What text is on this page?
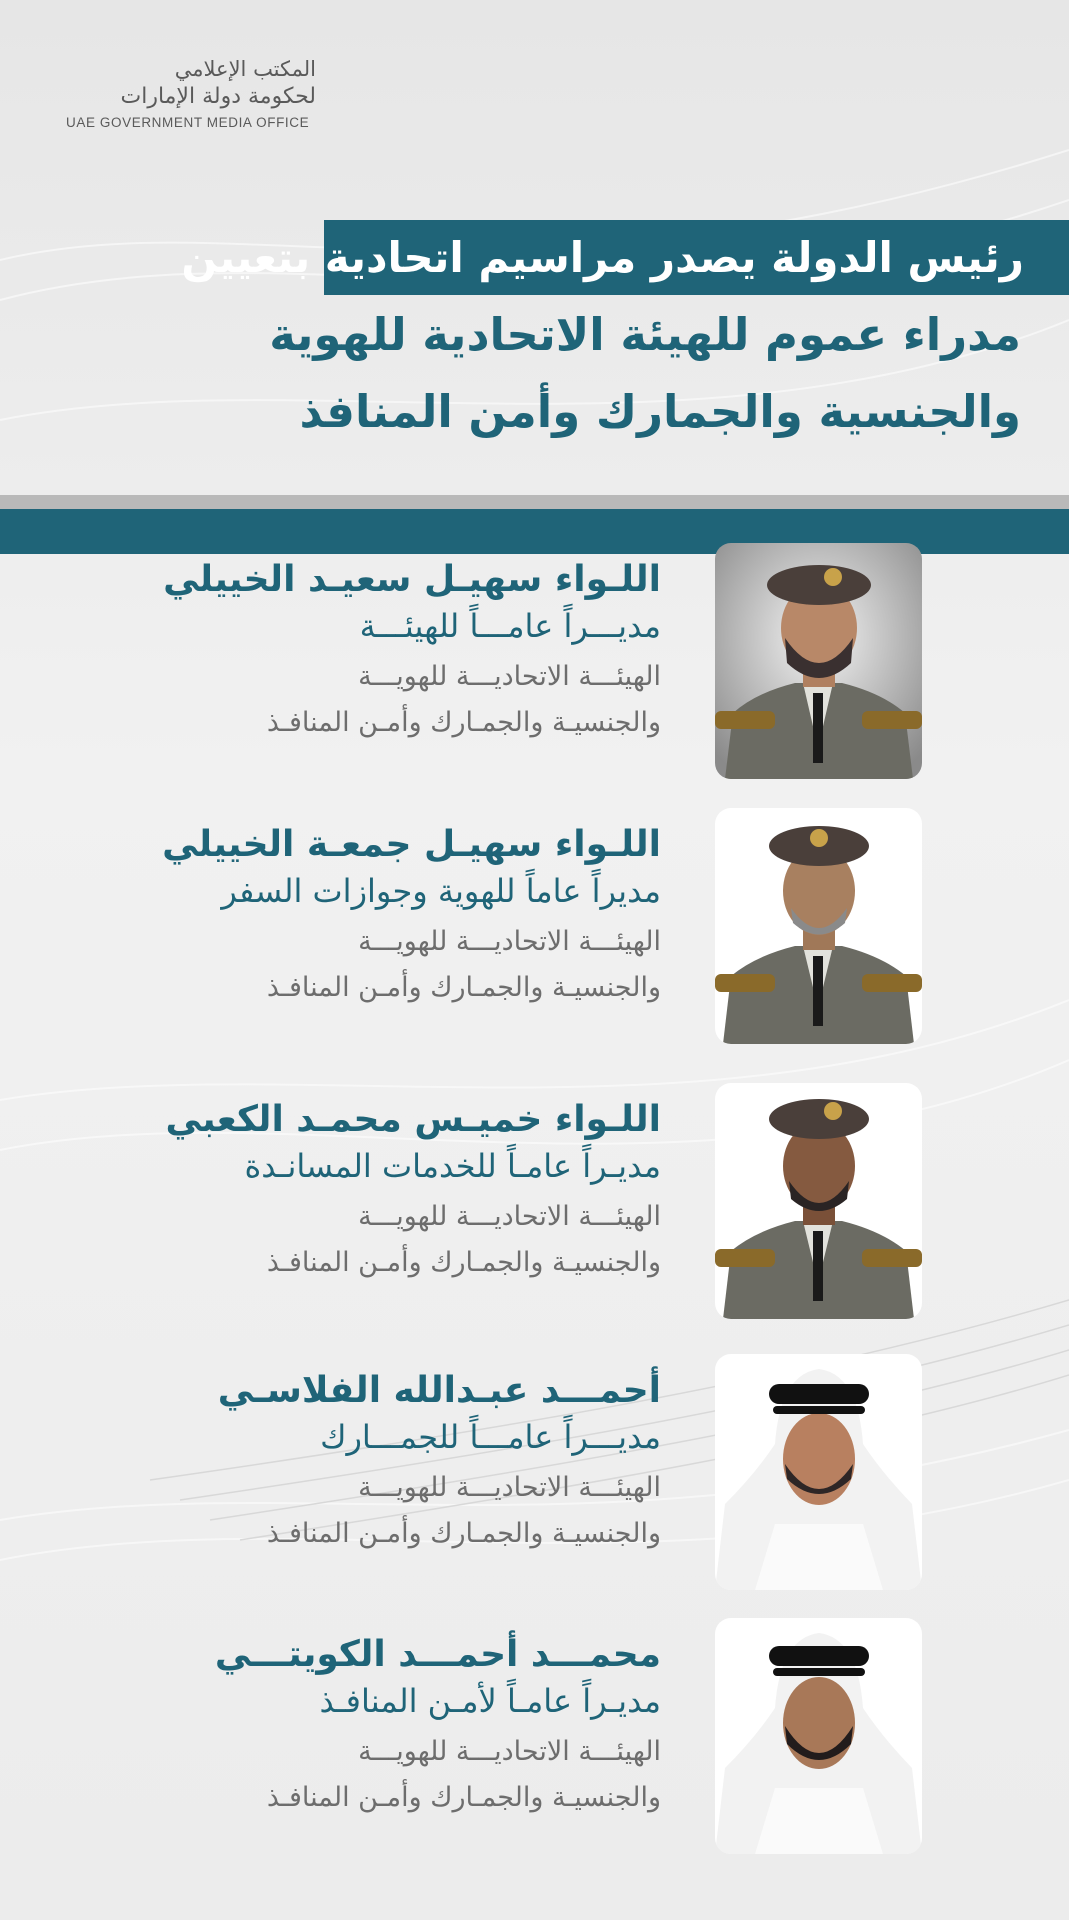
المكتب الإعلامي
لحكومة دولة الإمارات
UAE GOVERNMENT MEDIA OFFICE
رئيس الدولة يصدر مراسيم اتحادية بتعيين
مدراء عموم للهيئة الاتحادية للهوية
والجنسية والجمارك وأمن المنافذ
اللـواء سهيـل سعيـد الخييلي
مديـــراً عامـــاً للهيئـــة
الهيئـــة الاتحاديـــة للهويـــة
والجنسيـة والجمـارك وأمـن المنافـذ
اللـواء سهيـل جمعـة الخييلي
مديراً عاماً للهوية وجوازات السفر
الهيئـــة الاتحاديـــة للهويـــة
والجنسيـة والجمـارك وأمـن المنافـذ
اللـواء خميـس محمـد الكعبي
مديـراً عامـاً للخدمات المسانـدة
الهيئـــة الاتحاديـــة للهويـــة
والجنسيـة والجمـارك وأمـن المنافـذ
أحمـــد عبـدالله الفلاسـي
مديـــراً عامـــاً للجمـــارك
الهيئـــة الاتحاديـــة للهويـــة
والجنسيـة والجمـارك وأمـن المنافـذ
محمـــد أحمـــد الكويتـــي
مديـراً عامـاً لأمـن المنافـذ
الهيئـــة الاتحاديـــة للهويـــة
والجنسيـة والجمـارك وأمـن المنافـذ
